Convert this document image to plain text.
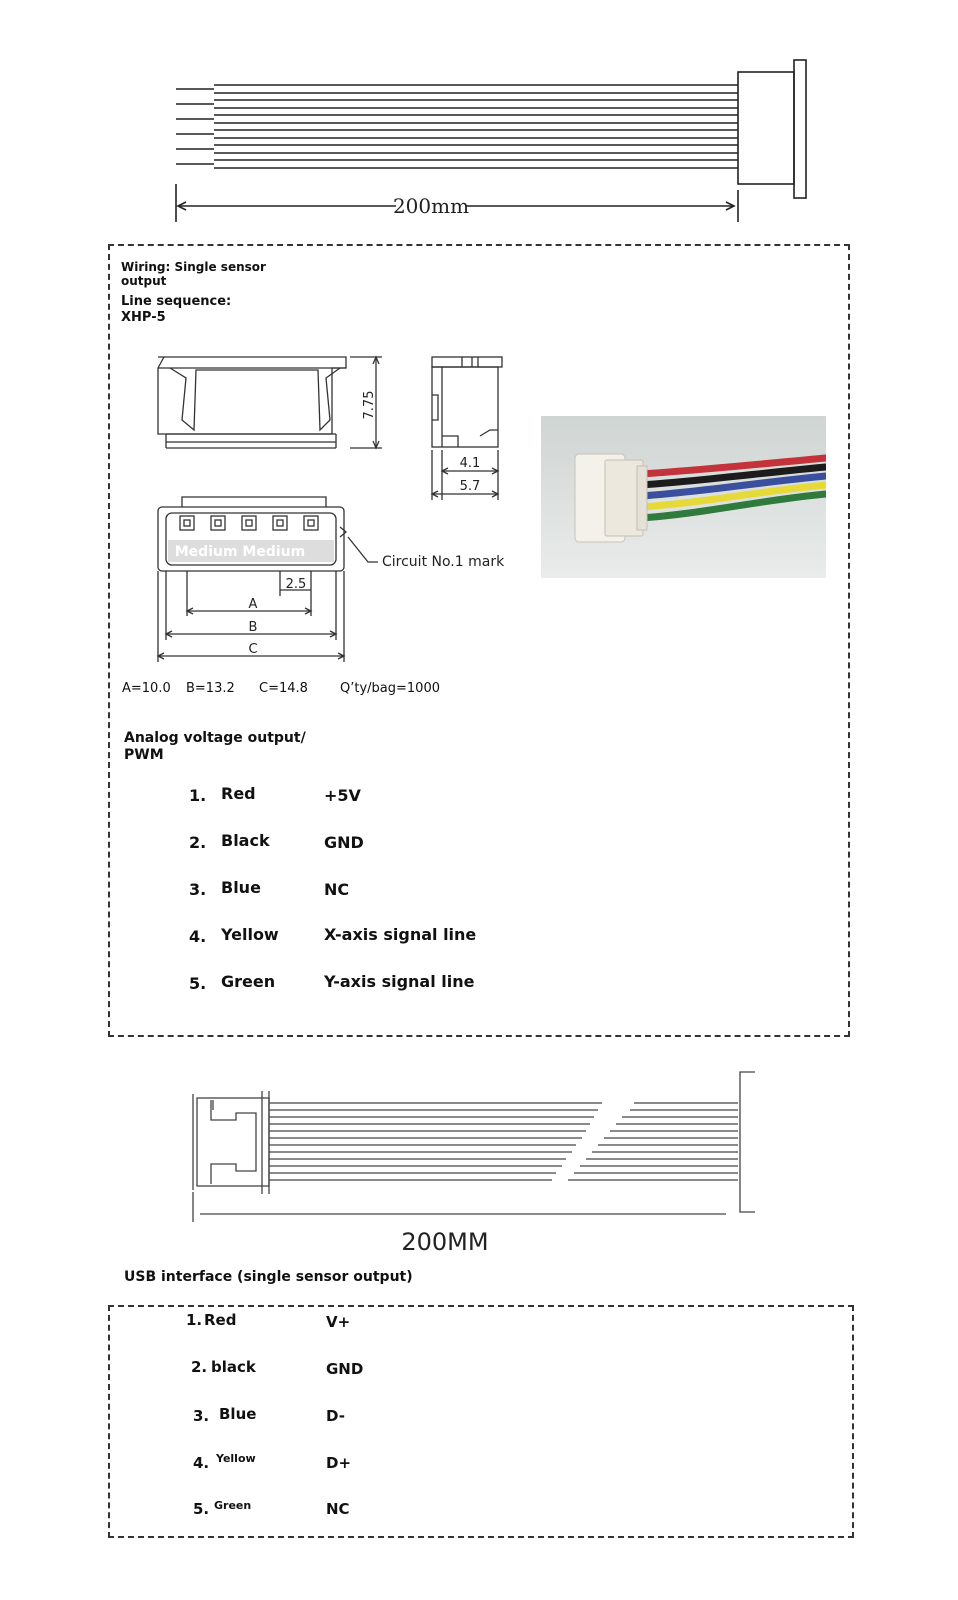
200mm
Wiring: Single sensor
output
Line sequence:
XHP-5
7.75
4.1
5.7
Medium Medium
Circuit No.1 mark
2.5
A
B
C
A=10.0 B=13.2 C=14.8 Q’ty/bag=1000
Analog voltage output/
PWM
1. Red	+5V
2. Black	GND
3. Blue	NC
4. Yellow	X-axis signal line
5. Green	Y-axis signal line
200MM
USB interface (single sensor output)
1. Red	V+
2. black	GND
3. Blue	D-
4. Yellow	D+
5. Green	NC
